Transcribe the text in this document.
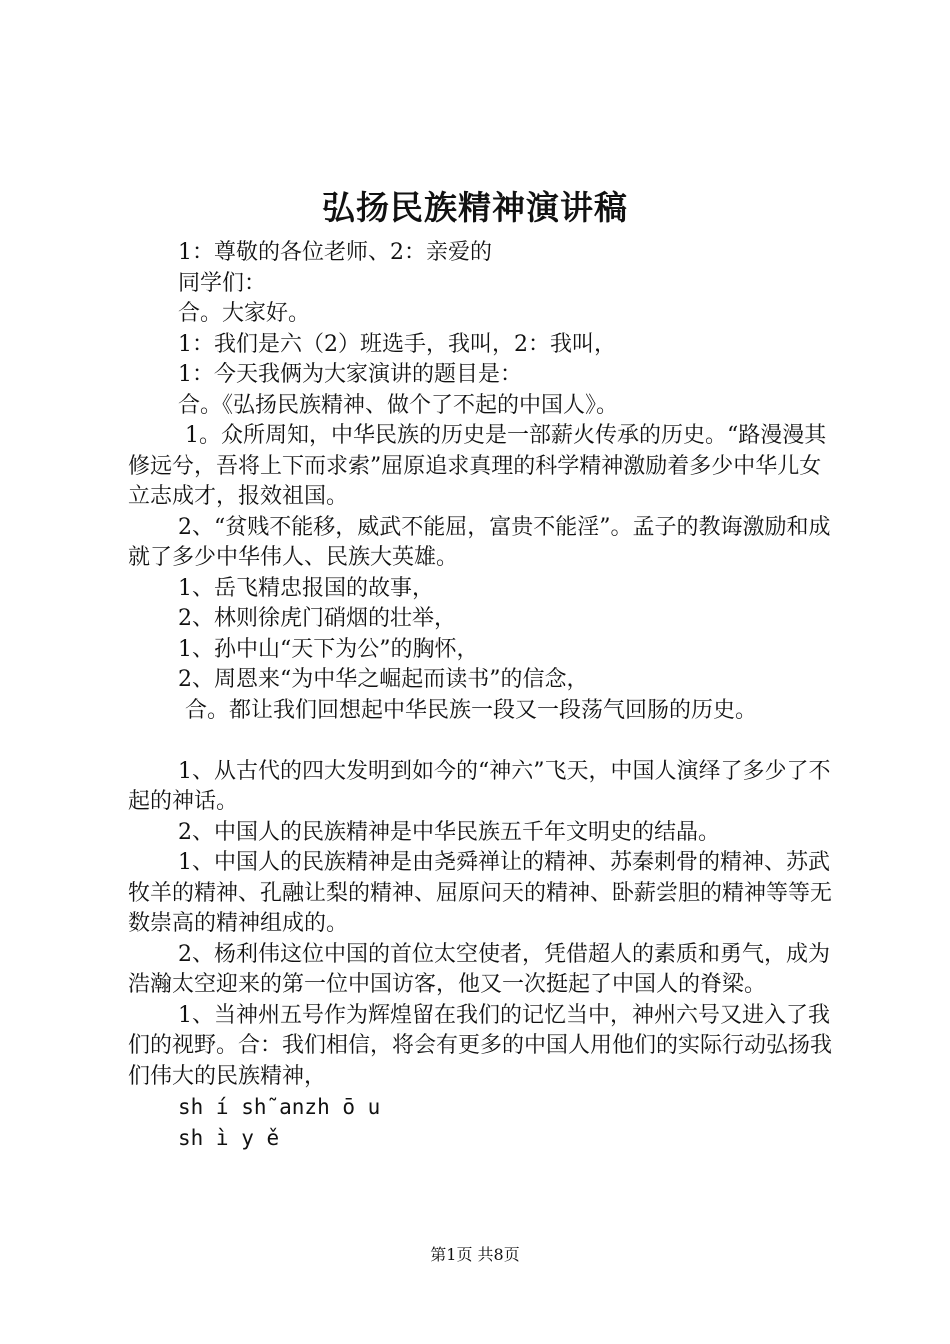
弘扬民族精神演讲稿

1：尊敬的各位老师、2：亲爱的

同学们：

合。大家好。

1：我们是六（2）班选手，我叫，2：我叫，

1：今天我俩为大家演讲的题目是：

合。《弘扬民族精神、做个了不起的中国人》。

1。众所周知，中华民族的历史是一部薪火传承的历史。“路漫漫其修远兮，吾将上下而求索”屈原追求真理的科学精神激励着多少中华儿女立志成才，报效祖国。

2、“贫贱不能移，威武不能屈，富贵不能淫”。孟子的教诲激励和成就了多少中华伟人、民族大英雄。

1、岳飞精忠报国的故事，

2、林则徐虎门硝烟的壮举，

1、孙中山“天下为公”的胸怀，

2、周恩来“为中华之崛起而读书”的信念，

合。都让我们回想起中华民族一段又一段荡气回肠的历史。

1、从古代的四大发明到如今的“神六”飞天，中国人演绎了多少了不起的神话。

2、中国人的民族精神是中华民族五千年文明史的结晶。

1、中国人的民族精神是由尧舜禅让的精神、苏秦刺骨的精神、苏武牧羊的精神、孔融让梨的精神、屈原问天的精神、卧薪尝胆的精神等等无数崇高的精神组成的。

2、杨利伟这位中国的首位太空使者，凭借超人的素质和勇气，成为浩瀚太空迎来的第一位中国访客，他又一次挺起了中国人的脊梁。

1、当神州五号作为辉煌留在我们的记忆当中，神州六号又进入了我们的视野。合：我们相信，将会有更多的中国人用他们的实际行动弘扬我们伟大的民族精神，

sh í sh˜anzh ō u

sh ì y ě

第1页 共8页
